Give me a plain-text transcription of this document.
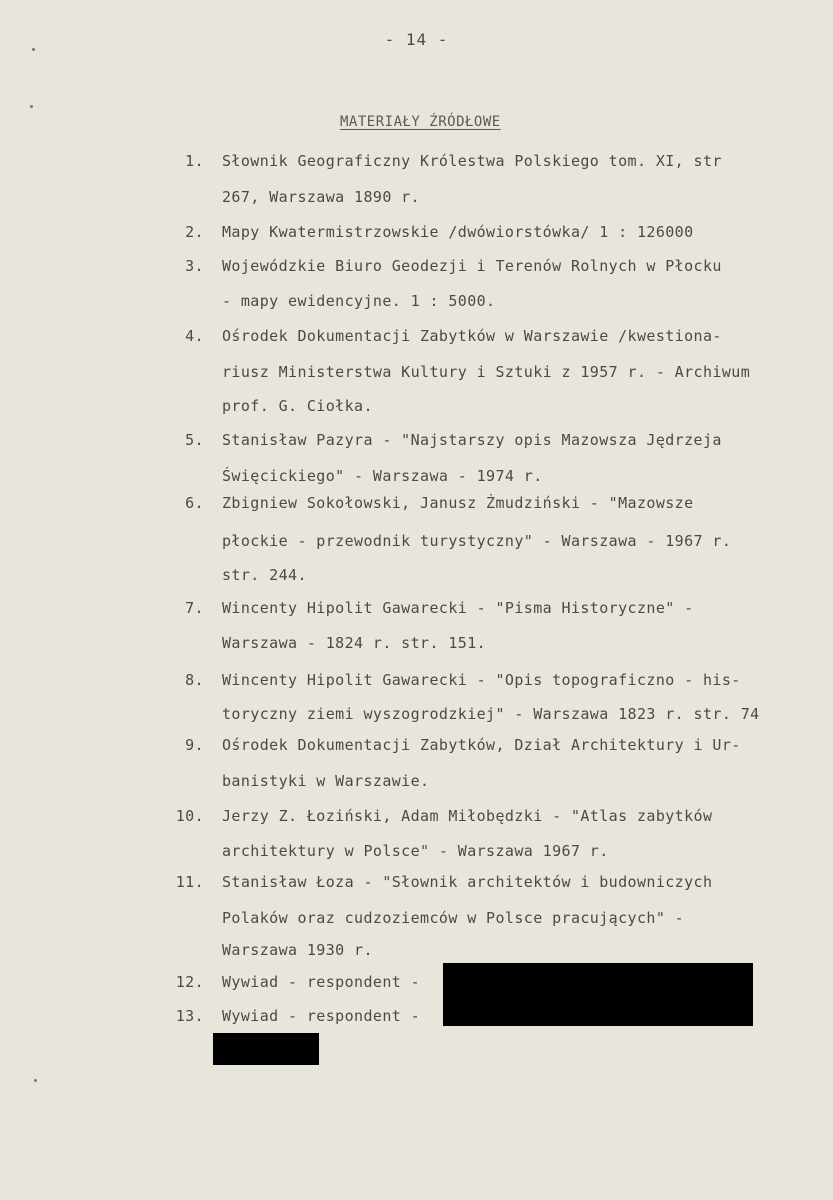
- 14 -
MATERIAŁY ŹRÓDŁOWE
1. Słownik Geograficzny Królestwa Polskiego tom. XI, str
267, Warszawa 1890 r.
2. Mapy Kwatermistrzowskie /dwówiorstówka/ 1 : 126000
3. Wojewódzkie Biuro Geodezji i Terenów Rolnych w Płocku
- mapy ewidencyjne. 1 : 5000.
4. Ośrodek Dokumentacji Zabytków w Warszawie /kwestiona-
riusz Ministerstwa Kultury i Sztuki z 1957 r. - Archiwum
prof. G. Ciołka.
5. Stanisław Pazyra - "Najstarszy opis Mazowsza Jędrzeja
Święcickiego" - Warszawa - 1974 r.
6. Zbigniew Sokołowski, Janusz Żmudziński - "Mazowsze
płockie - przewodnik turystyczny" - Warszawa - 1967 r.
str. 244.
7. Wincenty Hipolit Gawarecki - "Pisma Historyczne" -
Warszawa - 1824 r. str. 151.
8. Wincenty Hipolit Gawarecki - "Opis topograficzno - his-
toryczny ziemi wyszogrodzkiej" - Warszawa 1823 r. str. 74
9. Ośrodek Dokumentacji Zabytków, Dział Architektury i Ur-
banistyki w Warszawie.
10. Jerzy Z. Łoziński, Adam Miłobędzki - "Atlas zabytków
architektury w Polsce" - Warszawa 1967 r.
11. Stanisław Łoza - "Słownik architektów i budowniczych
Polaków oraz cudzoziemców w Polsce pracujących" -
Warszawa 1930 r.
12. Wywiad - respondent -
13. Wywiad - respondent -
